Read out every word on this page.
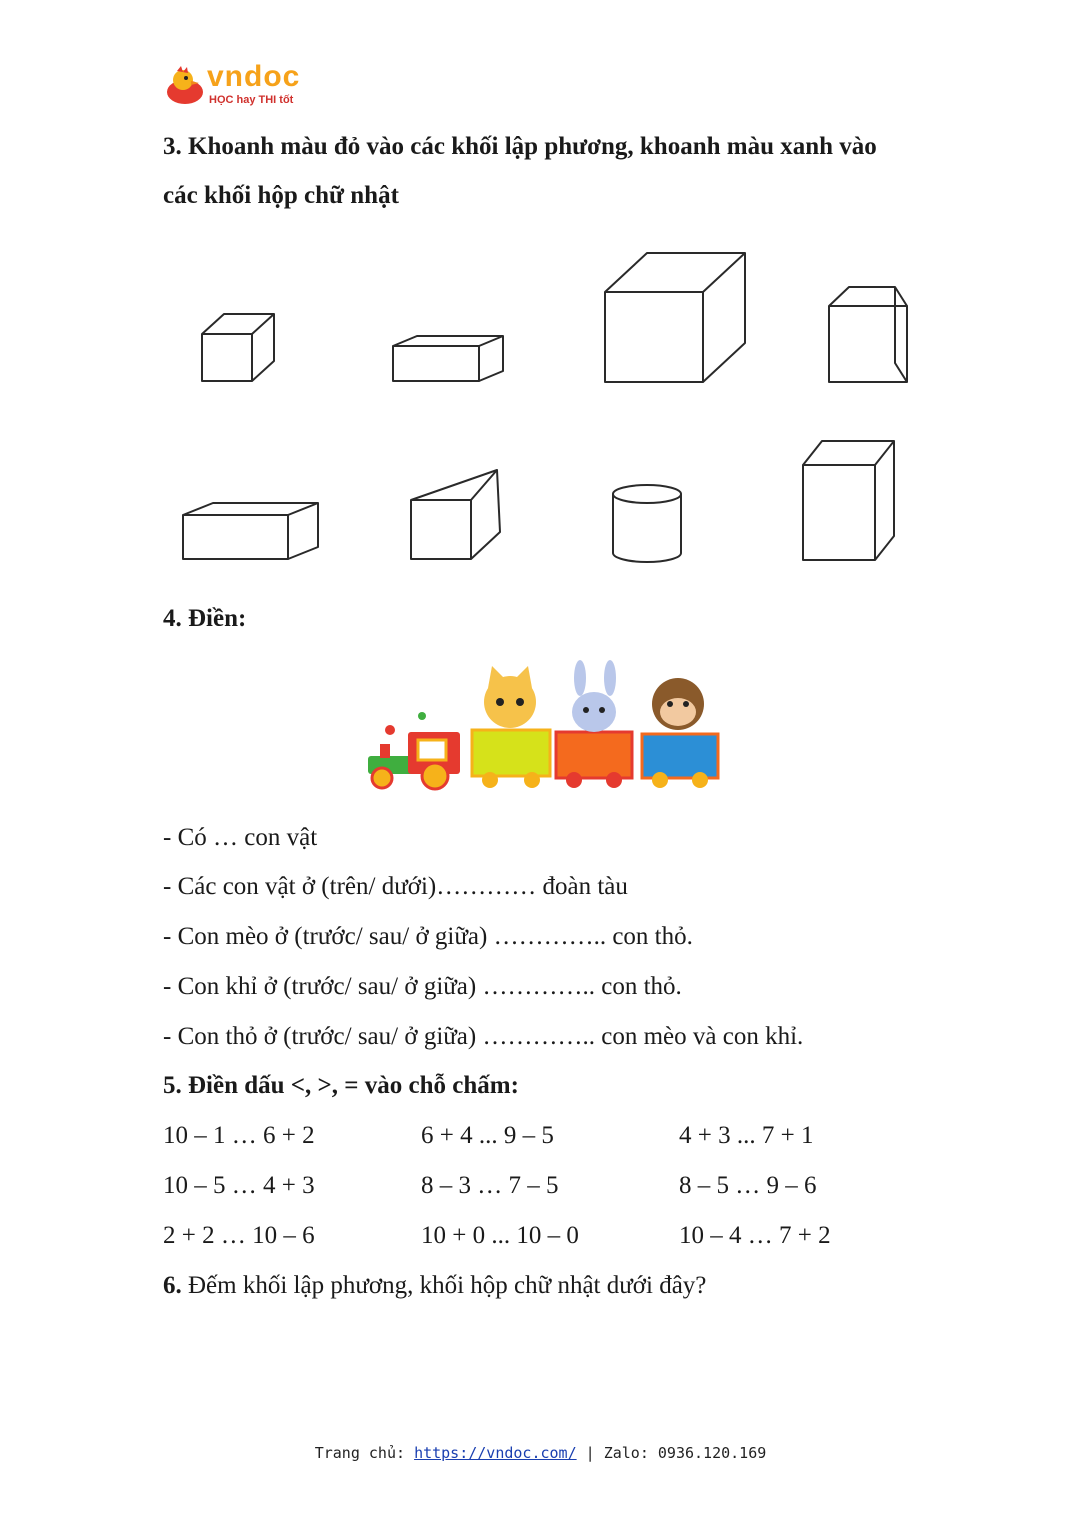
vndoc
HỌC hay THI tốt
3. Khoanh màu đỏ vào các khối lập phương, khoanh màu xanh vào
các khối hộp chữ nhật
4. Điền:
- Có … con vật
- Các con vật ở (trên/ dưới)………… đoàn tàu
- Con mèo ở (trước/ sau/ ở giữa) ………….. con thỏ.
- Con khỉ ở (trước/ sau/ ở giữa) ………….. con thỏ.
- Con thỏ ở (trước/ sau/ ở giữa) ………….. con mèo và con khỉ.
5. Điền dấu <, >, = vào chỗ chấm:
10 – 1 … 6 + 2	6 + 4 ... 9 – 5	4 + 3 ... 7 + 1
10 – 5 … 4 + 3	8 – 3 … 7 – 5	8 – 5 … 9 – 6
2 + 2 … 10 – 6	10 + 0 ... 10 – 0	10 – 4 … 7 + 2
6. Đếm khối lập phương, khối hộp chữ nhật dưới đây?
Trang chủ: https://vndoc.com/ | Zalo: 0936.120.169
